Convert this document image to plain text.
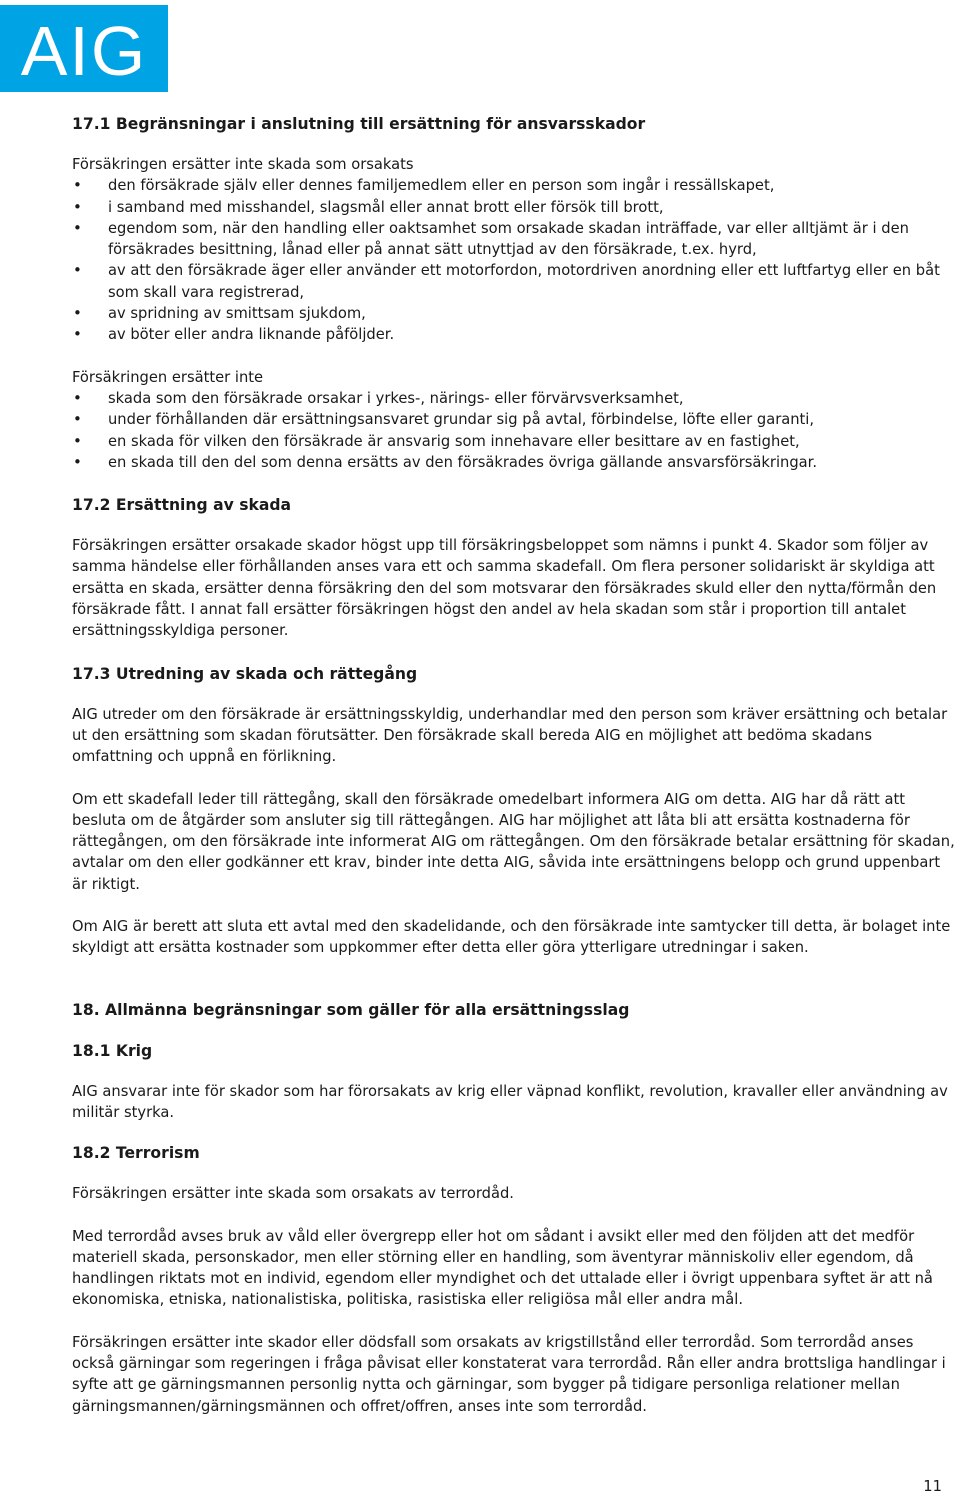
AIG
17.1 Begränsningar i anslutning till ersättning för ansvarsskador

Försäkringen ersätter inte skada som orsakats

• den försäkrade själv eller dennes familjemedlem eller en person som ingår i ressällskapet,
• i samband med misshandel, slagsmål eller annat brott eller försök till brott,
• egendom som, när den handling eller oaktsamhet som orsakade skadan inträffade, var eller alltjämt är i den försäkrades besittning, lånad eller på annat sätt utnyttjad av den försäkrade, t.ex. hyrd,
• av att den försäkrade äger eller använder ett motorfordon, motordriven anordning eller ett luftfartyg eller en båt som skall vara registrerad,
• av spridning av smittsam sjukdom,
• av böter eller andra liknande påföljder.

Försäkringen ersätter inte

• skada som den försäkrade orsakar i yrkes-, närings- eller förvärvsverksamhet,
• under förhållanden där ersättningsansvaret grundar sig på avtal, förbindelse, löfte eller garanti,
• en skada för vilken den försäkrade är ansvarig som innehavare eller besittare av en fastighet,
• en skada till den del som denna ersätts av den försäkrades övriga gällande ansvarsförsäkringar.
17.2 Ersättning av skada

Försäkringen ersätter orsakade skador högst upp till försäkringsbeloppet som nämns i punkt 4. Skador som följer av samma händelse eller förhållanden anses vara ett och samma skadefall. Om flera personer solidariskt är skyldiga att ersätta en skada, ersätter denna försäkring den del som motsvarar den försäkrades skuld eller den nytta/förmån den försäkrade fått. I annat fall ersätter försäkringen högst den andel av hela skadan som står i proportion till antalet ersättningsskyldiga personer.

17.3 Utredning av skada och rättegång

AIG utreder om den försäkrade är ersättningsskyldig, underhandlar med den person som kräver ersättning och betalar ut den ersättning som skadan förutsätter. Den försäkrade skall bereda AIG en möjlighet att bedöma skadans omfattning och uppnå en förlikning.

Om ett skadefall leder till rättegång, skall den försäkrade omedelbart informera AIG om detta. AIG har då rätt att besluta om de åtgärder som ansluter sig till rättegången. AIG har möjlighet att låta bli att ersätta kostnaderna för rättegången, om den försäkrade inte informerat AIG om rättegången. Om den försäkrade betalar ersättning för skadan, avtalar om den eller godkänner ett krav, binder inte detta AIG, såvida inte ersättningens belopp och grund uppenbart är riktigt.

Om AIG är berett att sluta ett avtal med den skadelidande, och den försäkrade inte samtycker till detta, är bolaget inte skyldigt att ersätta kostnader som uppkommer efter detta eller göra ytterligare utredningar i saken.

18. Allmänna begränsningar som gäller för alla ersättningsslag
18.1 Krig

AIG ansvarar inte för skador som har förorsakats av krig eller väpnad konflikt, revolution, kravaller eller användning av militär styrka.

18.2 Terrorism

Försäkringen ersätter inte skada som orsakats av terrordåd.

Med terrordåd avses bruk av våld eller övergrepp eller hot om sådant i avsikt eller med den följden att det medför materiell skada, personskador, men eller störning eller en handling, som äventyrar människoliv eller egendom, då handlingen riktats mot en individ, egendom eller myndighet och det uttalade eller i övrigt uppenbara syftet är att nå ekonomiska, etniska, nationalistiska, politiska, rasistiska eller religiösa mål eller andra mål.

Försäkringen ersätter inte skador eller dödsfall som orsakats av krigstillstånd eller terrordåd. Som terrordåd anses också gärningar som regeringen i fråga påvisat eller konstaterat vara terrordåd. Rån eller andra brottsliga handlingar i syfte att ge gärningsmannen personlig nytta och gärningar, som bygger på tidigare personliga relationer mellan gärningsmannen/gärningsmännen och offret/offren, anses inte som terrordåd.

11
